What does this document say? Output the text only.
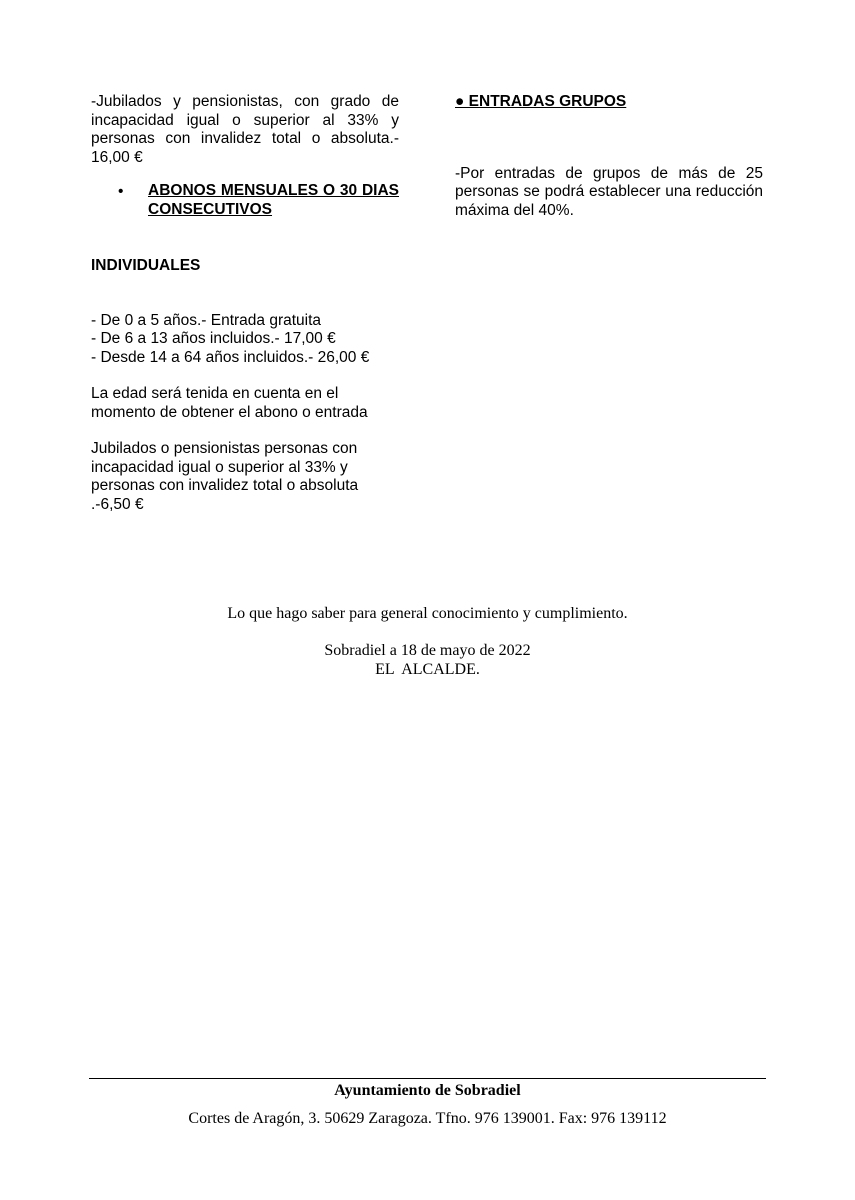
-Jubilados y pensionistas, con grado de incapacidad igual o superior al 33% y personas con invalidez total o absoluta.- 16,00 €

• ABONOS MENSUALES O 30 DIAS CONSECUTIVOS
INDIVIDUALES
- De 0 a 5 años.- Entrada gratuita
- De 6 a 13 años incluidos.- 17,00 €
- Desde 14 a 64 años incluidos.- 26,00 €
La edad será tenida en cuenta en el
momento de obtener el abono o entrada
Jubilados o pensionistas personas con
incapacidad igual o superior al 33% y
personas con invalidez total o absoluta
.-6,50 €
● ENTRADAS GRUPOS

-Por entradas de grupos de más de 25 personas se podrá establecer una reducción máxima del 40%.

Lo que hago saber para general conocimiento y cumplimiento.
Sobradiel a 18 de mayo de 2022
EL  ALCALDE.
Ayuntamiento de Sobradiel
Cortes de Aragón, 3. 50629 Zaragoza. Tfno. 976 139001. Fax: 976 139112
